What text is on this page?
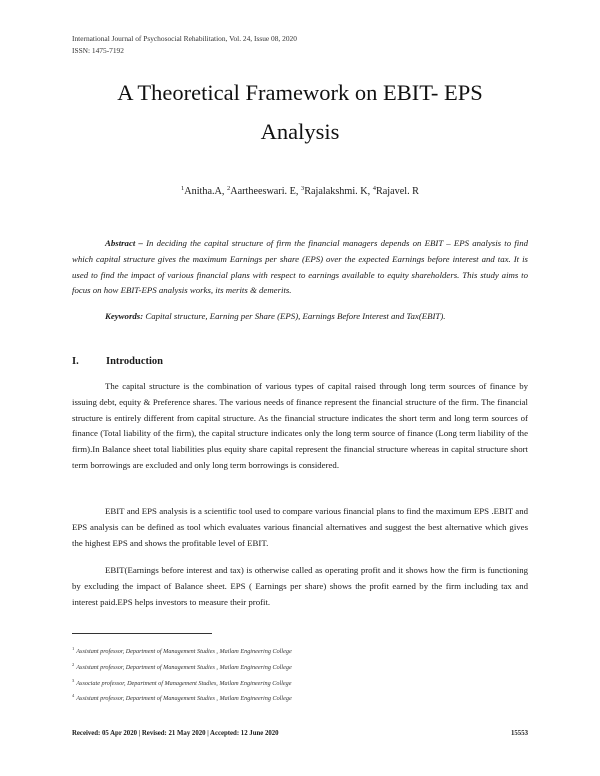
International Journal of Psychosocial Rehabilitation, Vol. 24, Issue 08, 2020
ISSN: 1475-7192
A Theoretical Framework on EBIT- EPS
Analysis
$^1$Anitha.A, $^2$Aartheeswari. E, $^3$Rajalakshmi. K, $^4$Rajavel. R
Abstract – In deciding the capital structure of firm the financial managers depends on EBIT – EPS analysis to find which capital structure gives the maximum Earnings per share (EPS) over the expected Earnings before interest and tax. It is used to find the impact of various financial plans with respect to earnings available to equity shareholders. This study aims to focus on how EBIT-EPS analysis works, its merits & demerits.
Keywords: Capital structure, Earning per Share (EPS), Earnings Before Interest and Tax(EBIT).
I.	Introduction
The capital structure is the combination of various types of capital raised through long term sources of finance by issuing debt, equity & Preference shares. The various needs of finance represent the financial structure of the firm. The financial structure is entirely different from capital structure. As the financial structure indicates the short term and long term sources of finance (Total liability of the firm), the capital structure indicates only the long term source of finance (Long term liability of the firm).In Balance sheet total liabilities plus equity share capital represent the financial structure whereas in capital structure short term borrowings are excluded and only long term borrowings is considered.
EBIT and EPS analysis is a scientific tool used to compare various financial plans to find the maximum EPS .EBIT and EPS analysis can be defined as tool which evaluates various financial alternatives and suggest the best alternative which gives the highest EPS and shows the profitable level of EBIT.
EBIT(Earnings before interest and tax) is otherwise called as operating profit and it shows how the firm is functioning by excluding the impact of Balance sheet. EPS ( Earnings per share) shows the profit earned by the firm including tax and interest paid.EPS helps investors to measure their profit.
$^1$ Assistant professor, Department of Management Studies , Mailam Engineering College
$^2$ Assistant professor, Department of Management Studies , Mailam Engineering College
$^3$ Associate professor, Department of Management Studies, Mailam Engineering College
$^4$ Assistant professor, Department of Management Studies , Mailam Engineering College
Received: 05 Apr 2020 | Revised: 21 May 2020 | Accepted: 12 June 2020	15553
